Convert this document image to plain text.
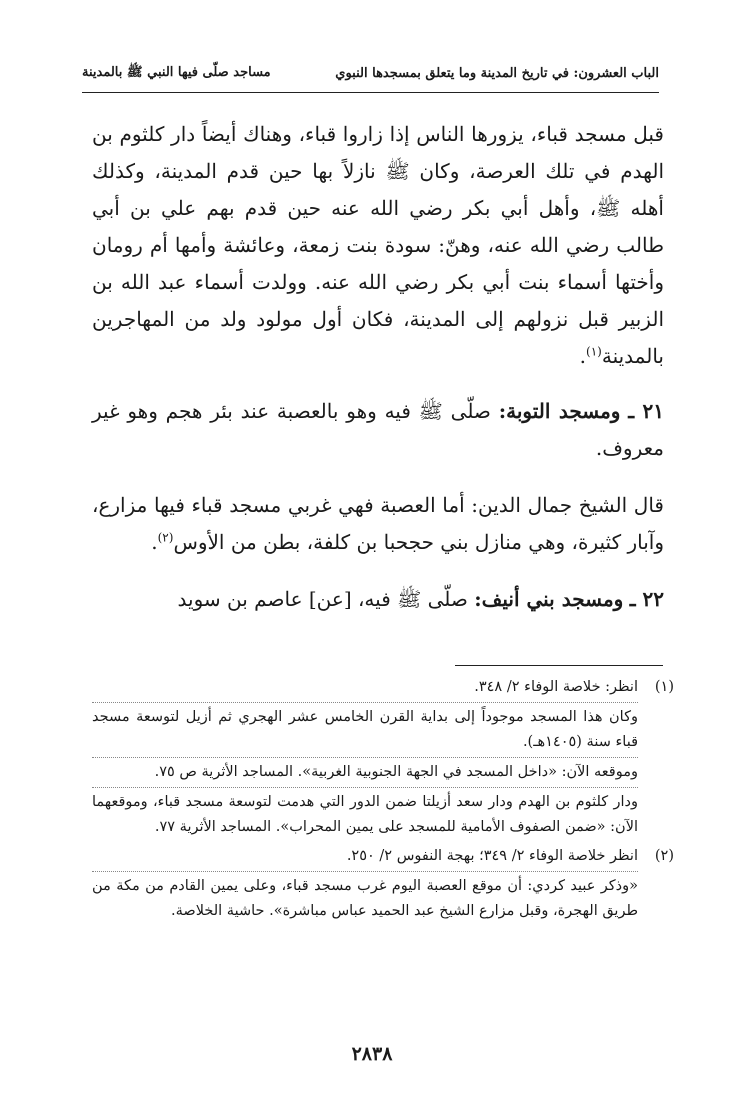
الباب العشرون: في تاريخ المدينة وما يتعلق بمسجدها النبوي
مساجد صلّى فيها النبي ﷺ بالمدينة

قبل مسجد قباء، يزورها الناس إذا زاروا قباء، وهناك أيضاً دار كلثوم بن الهدم في تلك العرصة، وكان ﷺ نازلاً بها حين قدم المدينة، وكذلك أهله ﷺ، وأهل أبي بكر رضي الله عنه حين قدم بهم علي بن أبي طالب رضي الله عنه، وهنّ: سودة بنت زمعة، وعائشة وأمها أم رومان وأختها أسماء بنت أبي بكر رضي الله عنه. وولدت أسماء عبد الله بن الزبير قبل نزولهم إلى المدينة، فكان أول مولود ولد من المهاجرين بالمدينة$^{(١)}$.

٢١ ـ ومسجد التوبة: صلّى ﷺ فيه وهو بالعصبة عند بئر هجم وهو غير معروف.

قال الشيخ جمال الدين: أما العصبة فهي غربي مسجد قباء فيها مزارع، وآبار كثيرة، وهي منازل بني حجحبا بن كلفة، بطن من الأوس$^{(٢)}$.

٢٢ ـ ومسجد بني أنيف: صلّى ﷺ فيه، [عن] عاصم بن سويد

(١)

انظر: خلاصة الوفاء ٢/ ٣٤٨.

وكان هذا المسجد موجوداً إلى بداية القرن الخامس عشر الهجري ثم أزيل لتوسعة مسجد قباء سنة (١٤٠٥هـ).

وموقعه الآن: «داخل المسجد في الجهة الجنوبية الغربية». المساجد الأثرية ص ٧٥.

ودار كلثوم بن الهدم ودار سعد أزيلتا ضمن الدور التي هدمت لتوسعة مسجد قباء، وموقعهما الآن: «ضمن الصفوف الأمامية للمسجد على يمين المحراب». المساجد الأثرية ٧٧.

(٢)

انظر خلاصة الوفاء ٢/ ٣٤٩؛ بهجة النفوس ٢/ ٢٥٠.

«وذكر عبيد كردي: أن موقع العصبة اليوم غرب مسجد قباء، وعلى يمين القادم من مكة من طريق الهجرة، وقبل مزارع الشيخ عبد الحميد عباس مباشرة». حاشية الخلاصة.

٢٨٣٨
